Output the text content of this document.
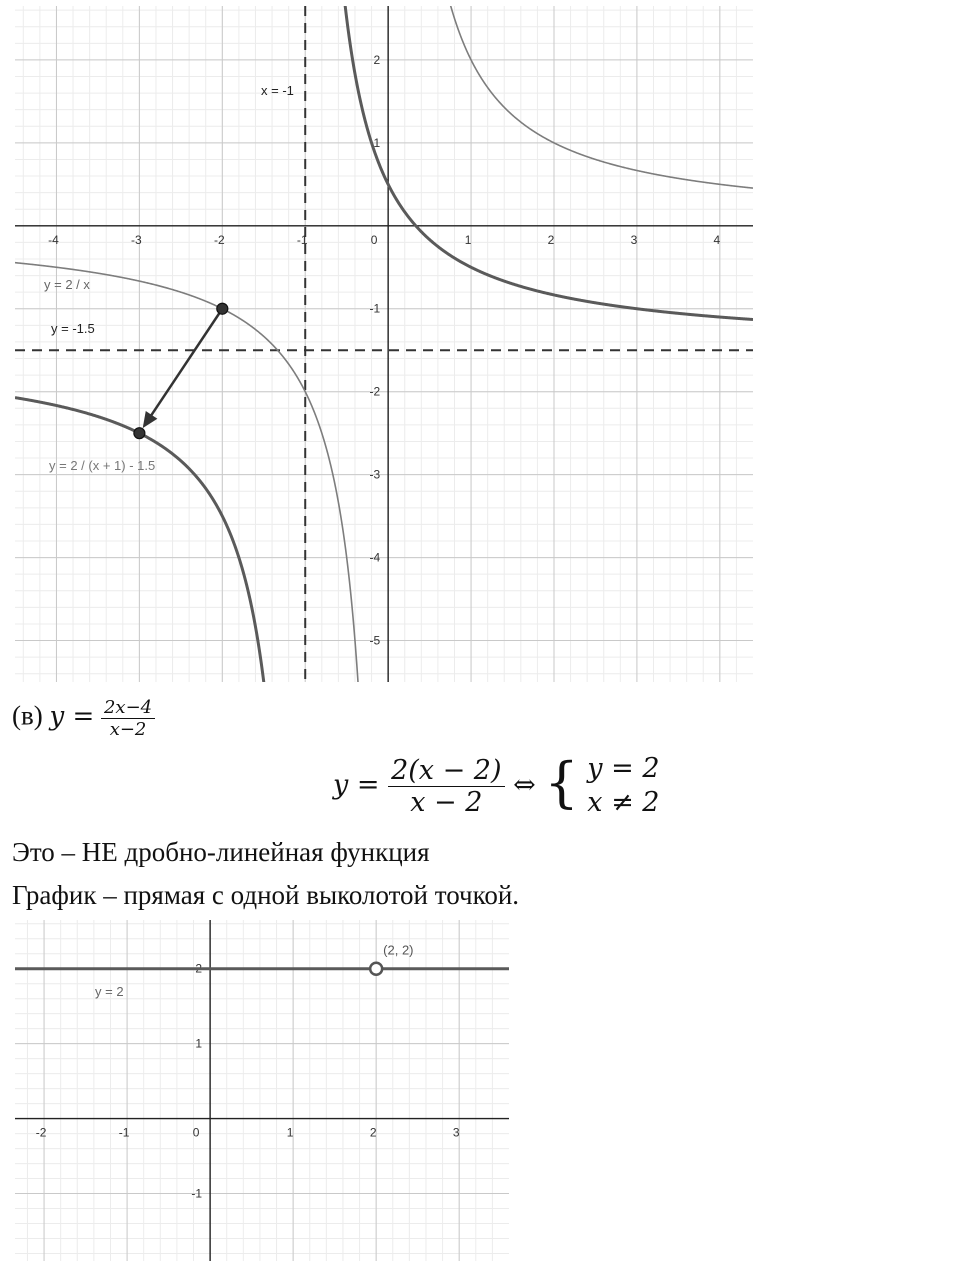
-4	-3	-2	-1	0	1	2	3	4
2
1
-1
-2
-3
-4
-5
y = 2 / x
y = 2 / (x + 1) - 1.5
x = -1
y = -1.5
(в) $y = \frac{2x-4}{x-2}$
$y = \frac{2(x - 2)}{x - 2}$ ⇔ { y = 2
x ≠ 2
Это – НЕ дробно-линейная функция
График – прямая с одной выколотой точкой.
-2	-1	0	1	2	3
2
1
-1
(2, 2)
y = 2
